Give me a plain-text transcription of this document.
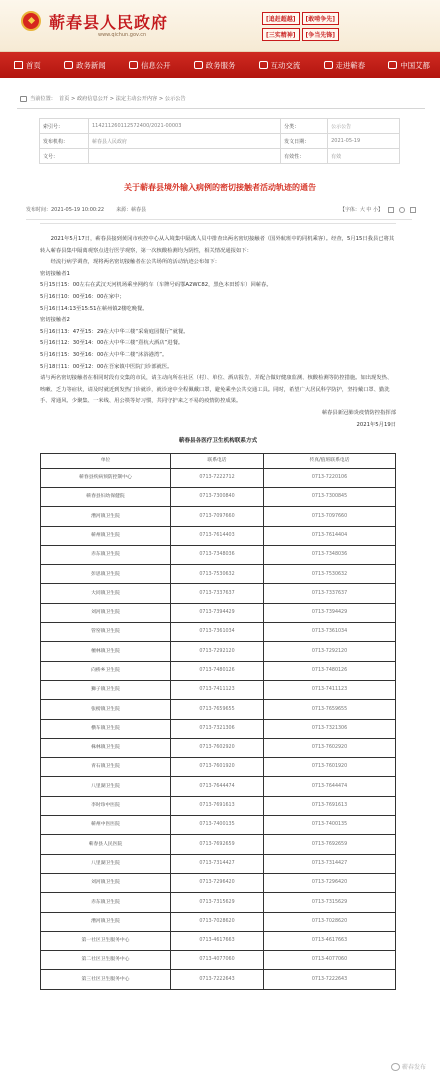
蕲春县人民政府
www.qichun.gov.cn
[追赶超越] [敢啃争先]
[三实精神] [争当先锋]
首页	政务新闻	信息公开	政务服务	互动交流	走进蕲春	中国艾都
当前位置： 首页 > 政府信息公开 > 法定主动公开内容 > 公示公告
索引号：	114211260112572400/2021-00003	分类：	公示公告
发布机构：	蕲春县人民政府	发文日期：	2021-05-19
文号：		有效性：	有效
关于蕲春县境外输入病例的密切接触者活动轨迹的通告
发布时间：2021-05-19 10:00:22 来源：蕲春县	【字体：大 中 小】

2021年5月17日，蕲春县接到黄冈市疾控中心从入境集中隔离人员中排查出两名密切接触者（国外航班中的同机乘客）。经查，5月15日我县已将其转入蕲春县集中隔离观察点进行医学观察，第一次核酸检测均为阴性，相关情况通报如下：

经流行病学调查，现将两名密切接触者在公共场所的活动轨迹公布如下：

密切接触者1

5月15日15：00左右在武汉天河机场乘坐网约车（车牌号码鄂A2WC82，黑色本田轿车）回蕲春。

5月16日10：00至16：00在家中；

5月16日14:13至15:51在蕲州镇2楼吃晚餐。

密切接触者2

5月16日13：47至15：29在大中华三楼“采菊庭园餐厅”就餐。

5月16日12：30至14：00在大中华三楼“熹杭大酒店”进餐。

5月16日15：30至16：00在大中华二楼“沐浴港湾”。

5月18日11：00至12：00在吾家镇中医院门诊部就医。

请与两名密切接触者在相同时段有交集的市民，请主动向所在社区（村）、单位、酒店报告，并配合做好健康监测、核酸检测等防控措施。如出现发热、咳嗽、乏力等症状，请及时就近到发热门诊就诊，就诊途中全程佩戴口罩，避免乘坐公共交通工具。同时，希望广大居民科学防护，坚持戴口罩、勤洗手、常通风、少聚集、一米线、用公筷等好习惯，共同守护来之不易的疫情防控成果。

蕲春县新冠肺炎疫情防控指挥部

2021年5月19日

蕲春县各医疗卫生机构联系方式
单位	联系电话	传真/值班联系电话
蕲春县疾病预防控制中心	0713-7222712	0713-7220106
蕲春县妇幼保健院	0713-7300840	0713-7300845
漕河镇卫生院	0713-7097660	0713-7097660
蕲州镇卫生院	0713-7614403	0713-7614404
赤东镇卫生院	0713-7348036	0713-7348036
彭思镇卫生院	0713-7530632	0713-7530632
大同镇卫生院	0713-7337637	0713-7337637
刘河镇卫生院	0713-7394429	0713-7394429
管窑镇卫生院	0713-7361034	0713-7361034
檀林镇卫生院	0713-7292120	0713-7292120
向桥乡卫生院	0713-7480126	0713-7480126
狮子镇卫生院	0713-7411123	0713-7411123
张榜镇卫生院	0713-7659655	0713-7659655
横车镇卫生院	0713-7321306	0713-7321306
株林镇卫生院	0713-7602920	0713-7602920
青石镇卫生院	0713-7601920	0713-7601920
八里湖卫生院	0713-7644474	0713-7644474
李时珍中医院	0713-7691613	0713-7691613
蕲州中医医院	0713-7400135	0713-7400135
蕲春县人民医院	0713-7692659	0713-7692659
八里湖卫生院	0713-7314427	0713-7314427
刘河镇卫生院	0713-7296420	0713-7296420
赤东镇卫生院	0713-7315629	0713-7315629
漕河镇卫生院	0713-7028620	0713-7028620
第一社区卫生服务中心	0713-4617663	0713-4617663
第二社区卫生服务中心	0713-4077060	0713-4077060
第三社区卫生服务中心	0713-7222643	0713-7222643
蕲春发布
